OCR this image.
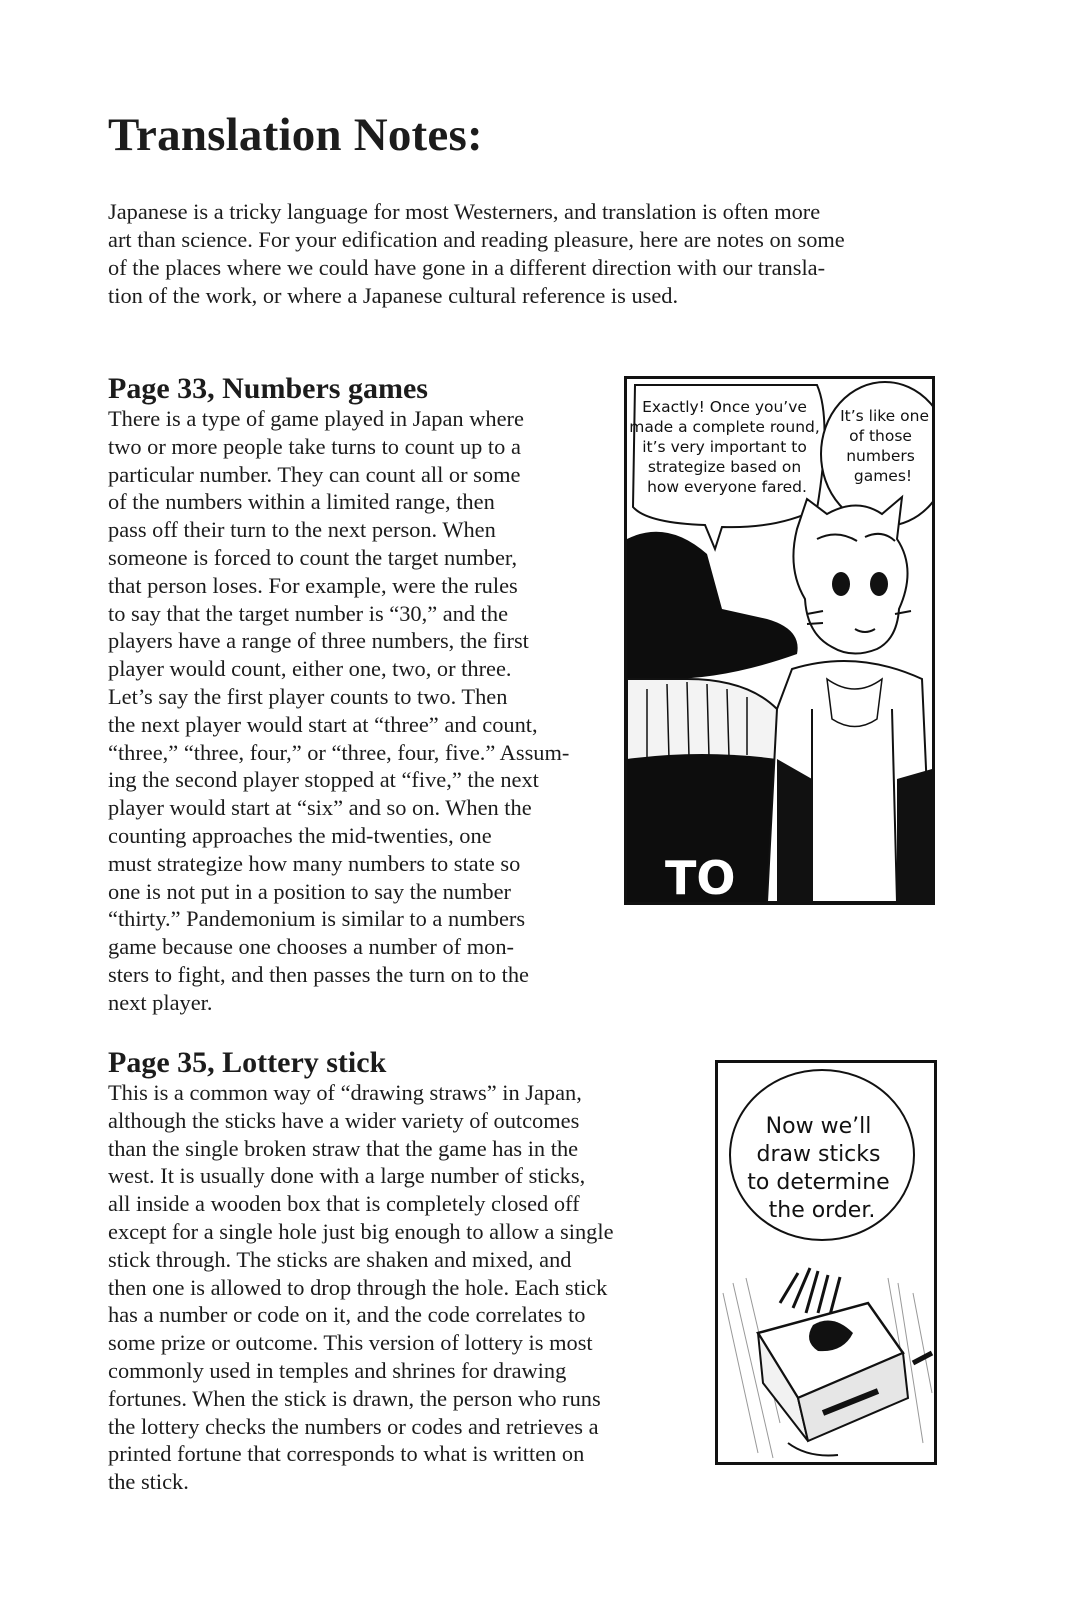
Translation Notes:

Japanese is a tricky language for most Westerners, and translation is often more
art than science. For your edification and reading pleasure, here are notes on some
of the places where we could have gone in a different direction with our transla-
tion of the work, or where a Japanese cultural reference is used.

Page 33, Numbers games

There is a type of game played in Japan where
two or more people take turns to count up to a
particular number. They can count all or some
of the numbers within a limited range, then
pass off their turn to the next person. When
someone is forced to count the target number,
that person loses. For example, were the rules
to say that the target number is “30,” and the
players have a range of three numbers, the first
player would count, either one, two, or three.
Let’s say the first player counts to two. Then
the next player would start at “three” and count,
“three,” “three, four,” or “three, four, five.” Assum-
ing the second player stopped at “five,” the next
player would start at “six” and so on. When the
counting approaches the mid-twenties, one
must strategize how many numbers to state so
one is not put in a position to say the number
“thirty.” Pandemonium is similar to a numbers
game because one chooses a number of mon-
sters to fight, and then passes the turn on to the
next player.

TO
Exactly! Once you’ve made a complete round, it’s very important to strategize based on how everyone fared.
It’s like one of those numbers games!
Page 35, Lottery stick

This is a common way of “drawing straws” in Japan,
although the sticks have a wider variety of outcomes
than the single broken straw that the game has in the
west. It is usually done with a large number of sticks,
all inside a wooden box that is completely closed off
except for a single hole just big enough to allow a single
stick through. The sticks are shaken and mixed, and
then one is allowed to drop through the hole. Each stick
has a number or code on it, and the code correlates to
some prize or outcome. This version of lottery is most
commonly used in temples and shrines for drawing
fortunes. When the stick is drawn, the person who runs
the lottery checks the numbers or codes and retrieves a
printed fortune that corresponds to what is written on
the stick.

Now we’ll draw sticks to determine the order.
